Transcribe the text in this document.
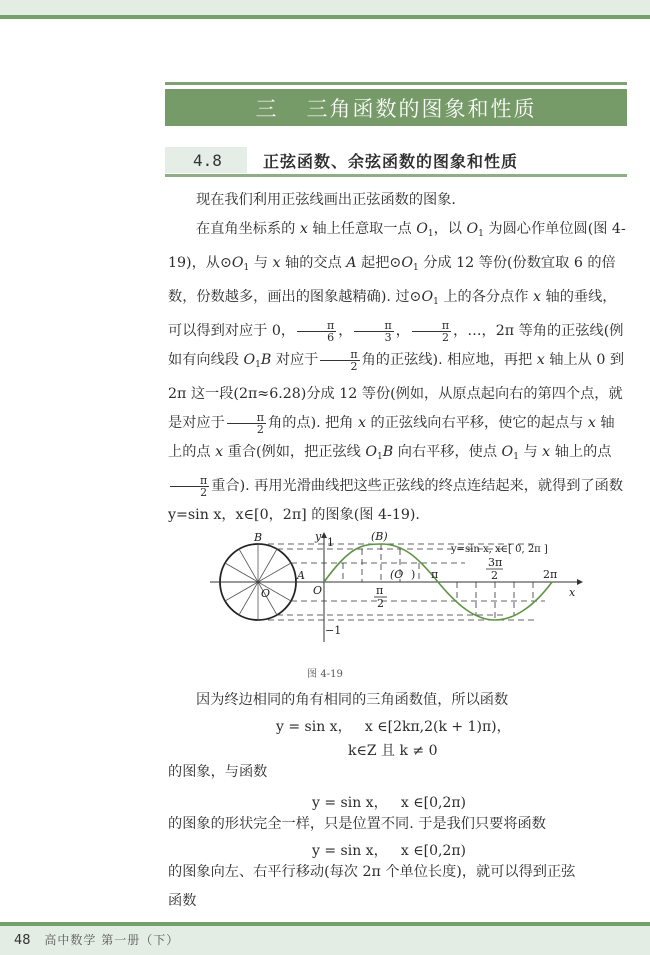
三 三角函数的图象和性质
4.8	正弦函数、余弦函数的图象和性质
现在我们利用正弦线画出正弦函数的图象.
在直角坐标系的 x 轴上任意取一点 $O_1$，以 $O_1$ 为圆心作单位圆(图 4-19)，从$⊙O_1$ 与 x 轴的交点 A 起把$⊙O_1$ 分成 12 等份(份数宜取 6 的倍数，份数越多，画出的图象越精确). 过$⊙O_1$ 上的各分点作 x 轴的垂线，可以得到对应于 0， $\frac{\pi}{6}$ ， $\frac{\pi}{3}$ ， $\frac{\pi}{2}$ ，…，2π 等角的正弦线(例如有向线段 $O_1B$ 对应于 $\frac{\pi}{2}$ 角的正弦线). 相应地，再把 x 轴上从 0 到 2π 这一段(2π≈6.28)分成 12 等份(例如，从原点起向右的第四个点，就是对应于 $\frac{\pi}{2}$ 角的点). 把角 x 的正弦线向右平移，使它的起点与 x 轴上的点 x 重合(例如，把正弦线 $O_1B$ 向右平移，使点 $O_1$ 与 x 轴上的点
$\frac{\pi}{2}$ 重合). 再用光滑曲线把这些正弦线的终点连结起来，就得到了函数 y=sin x，x∈[0，2π] 的图象(图 4-19).
B
A
O	O
y
x
1
−1
(B)
(O )
π
2
π
3π
2	2π
y=sin x, x∈[ 0, 2π ]
图 4-19
因为终边相同的角有相同的三角函数值，所以函数
y = sin x，   x ∈[2kπ,2(k + 1)π)，
k∈Z 且 k ≠ 0
的图象，与函数
y = sin x，   x ∈[0,2π)
的图象的形状完全一样，只是位置不同. 于是我们只要将函数
y = sin x，   x ∈[0,2π)
的图象向左、右平行移动(每次 2π 个单位长度)，就可以得到正弦
函数
48 高中数学 第一册（下）
